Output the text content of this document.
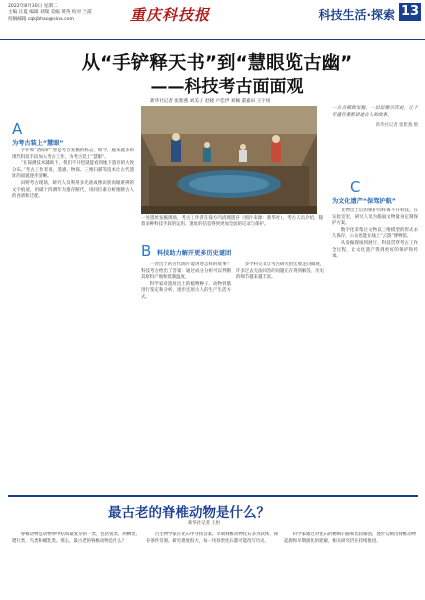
2022年8月30日 星期二
主编 汪夏 编辑 刘瑞 美编 黄英 校对 兰霞
投稿邮箱 cqkjbhao@sina.com	重庆科技报	科技生活·探索 13
从“手铲释天书”到“慧眼览古幽”
——科技考古面面观
新华社记者 张紫燕 刘美子 赵晓 卢佳伊 刘楠 董嘉田 王宇扬
A
为考古装上“慧眼”

手铲和“洛阳铲”曾是考古发掘的标志，如今，越来越多的现代科技手段加入考古工作，为考古装上“慧眼”。

“在探测技术辅助下，我们不开挖就能看到地下遗存的大致分布。”考古工作者说，遥感、物探、三维扫描等技术让古代遗址的面貌逐步清晰。

田野考古现场，研究人员利用多光谱成像识别肉眼难辨的文字痕迹，用碳十四测年为遗存断代，用同位素分析推断古人的食谱和迁徙。

一处遗址发掘现场，考古工作者在探方内清理遗存（图片来源：新华社）。考古人员介绍，随着多种科技手段的运用，遗址的信息得到更加全面的记录与保护。
一点点细致发掘，一层层揭示历史，让千年遗存重新讲述古人的故事。
新华社记者 张紫燕 摄
B 科技助力解开更多历史谜团

一处出土的古代陶片能讲述怎样的故事？科技考古给出了答案：通过成分分析可以判断其原料产地和烧制温度。

科学家对遗址出土的植物种子、动物骨骼进行鉴定和分析，逐步还原古人的生产生活方式。

多学科交叉让考古研究由宏观走向微观，许多过去无法回答的问题正在得到解答，历史的细节越来越丰富。

C
为文化遗产“保驾护航”

文物出土后的保护同样离不开科技。在实验室里，研究人员为脆弱文物量身定制保护方案。

数字化采集让文物以三维模型的形式永久保存，公众也能在线上“云游”博物馆。

从发掘现场到展厅，科技贯穿考古工作全过程，让文化遗产得到更好的保护和传承。

最古老的脊椎动物是什么？
新华社记者 王恒

脊椎动物是动物界中结构最复杂的一类，包括鱼类、两栖类、爬行类、鸟类和哺乳类。那么，最古老的脊椎动物是什么？

古生物学家在化石中寻找答案。早期脊椎动物化石多为软体，保存条件苛刻，研究难度很大，每一块珍贵化石都可能改写历史。

科学家通过对化石的精细扫描和比较解剖，逐步勾勒出脊椎动物起源和早期演化的轮廓，相关研究仍在持续推进。
